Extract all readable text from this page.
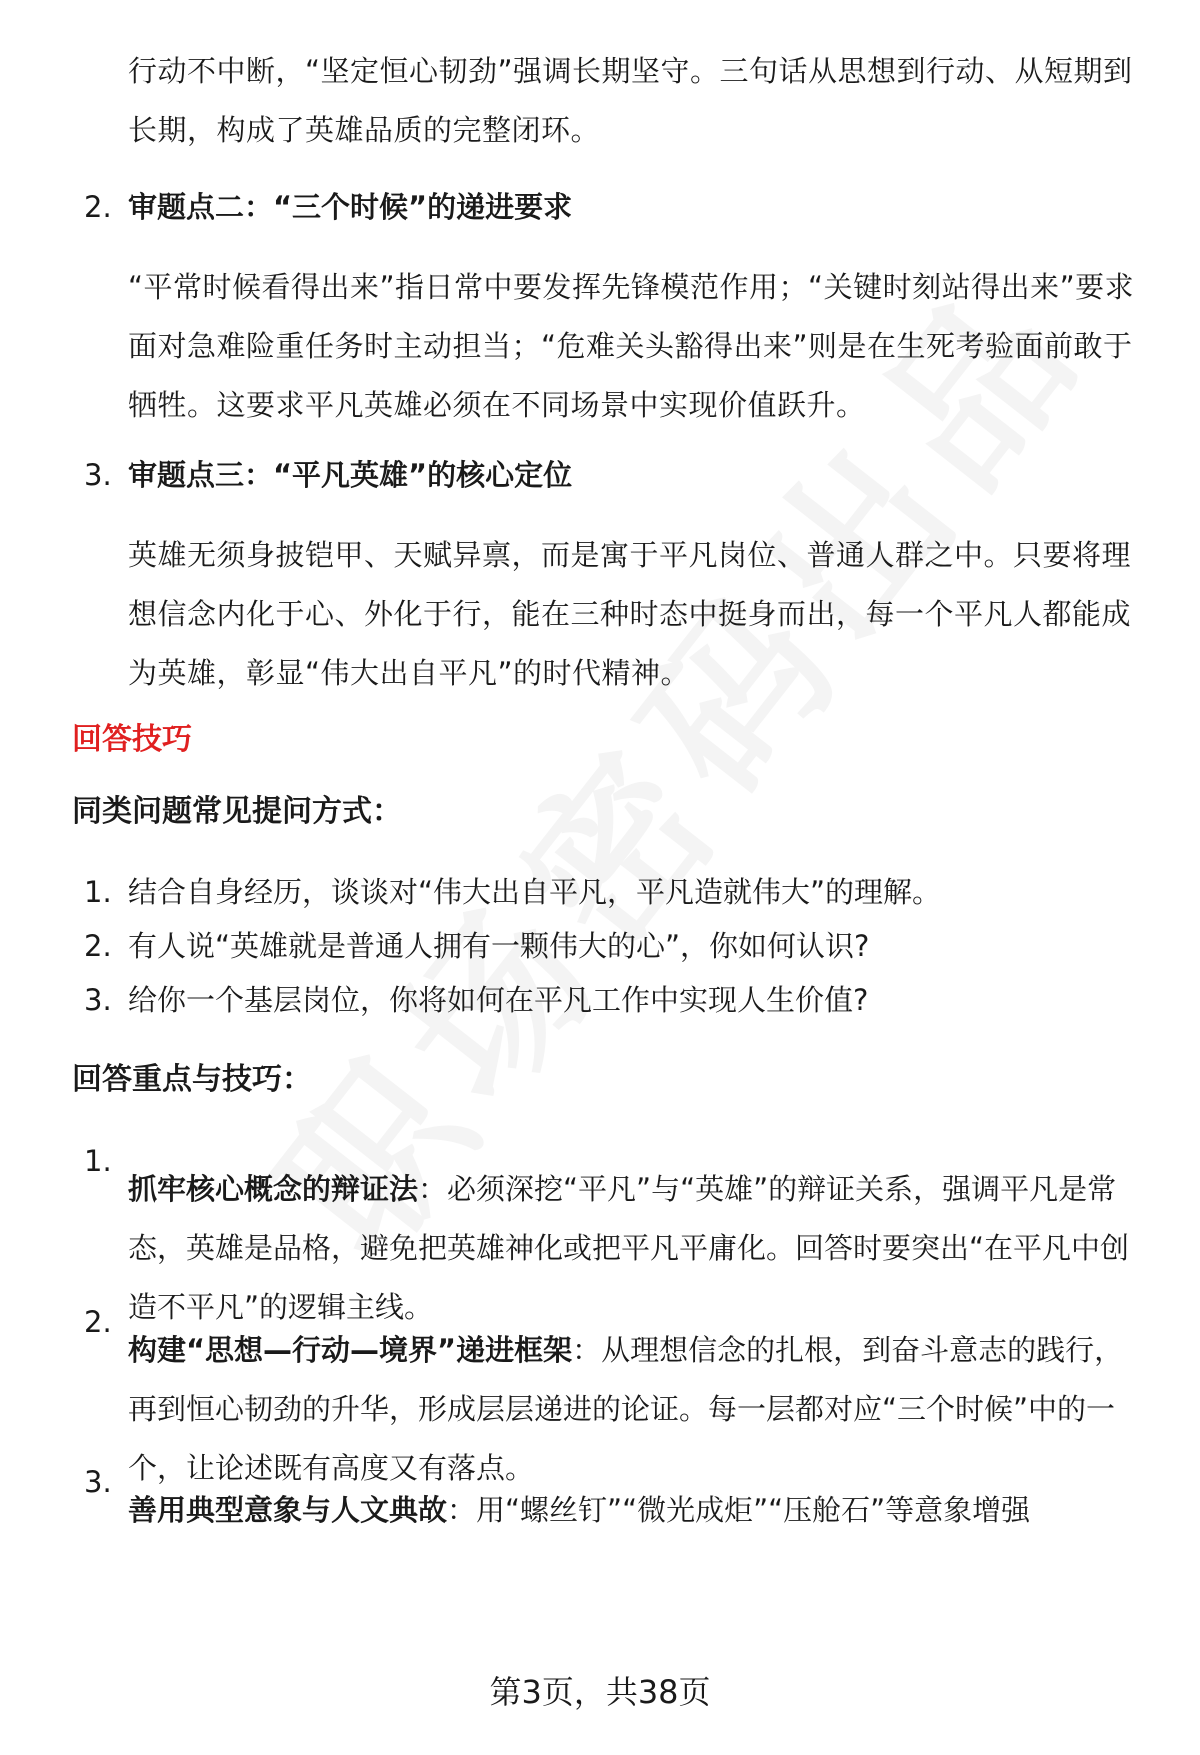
行动不中断，“坚定恒心韧劲”强调长期坚守。三句话从思想到行动、从短期到长期，构成了英雄品质的完整闭环。

2. 审题点二：“三个时候”的递进要求

“平常时候看得出来”指日常中要发挥先锋模范作用；“关键时刻站得出来”要求面对急难险重任务时主动担当；“危难关头豁得出来”则是在生死考验面前敢于牺牲。这要求平凡英雄必须在不同场景中实现价值跃升。

3. 审题点三：“平凡英雄”的核心定位

英雄无须身披铠甲、天赋异禀，而是寓于平凡岗位、普通人群之中。只要将理想信念内化于心、外化于行，能在三种时态中挺身而出，每一个平凡人都能成为英雄，彰显“伟大出自平凡”的时代精神。

回答技巧
同类问题常见提问方式：
1. 结合自身经历，谈谈对“伟大出自平凡，平凡造就伟大”的理解。
2. 有人说“英雄就是普通人拥有一颗伟大的心”，你如何认识?
3. 给你一个基层岗位，你将如何在平凡工作中实现人生价值?
回答重点与技巧：
1.

抓牢核心概念的辩证法：必须深挖“平凡”与“英雄”的辩证关系，强调平凡是常态，英雄是品格，避免把英雄神化或把平凡平庸化。回答时要突出“在平凡中创造不平凡”的逻辑主线。

2.

构建“思想—行动—境界”递进框架：从理想信念的扎根，到奋斗意志的践行，再到恒心韧劲的升华，形成层层递进的论证。每一层都对应“三个时候”中的一个，让论述既有高度又有落点。

3.

善用典型意象与人文典故：用“螺丝钉”“微光成炬”“压舱石”等意象增强

第3页，共38页
